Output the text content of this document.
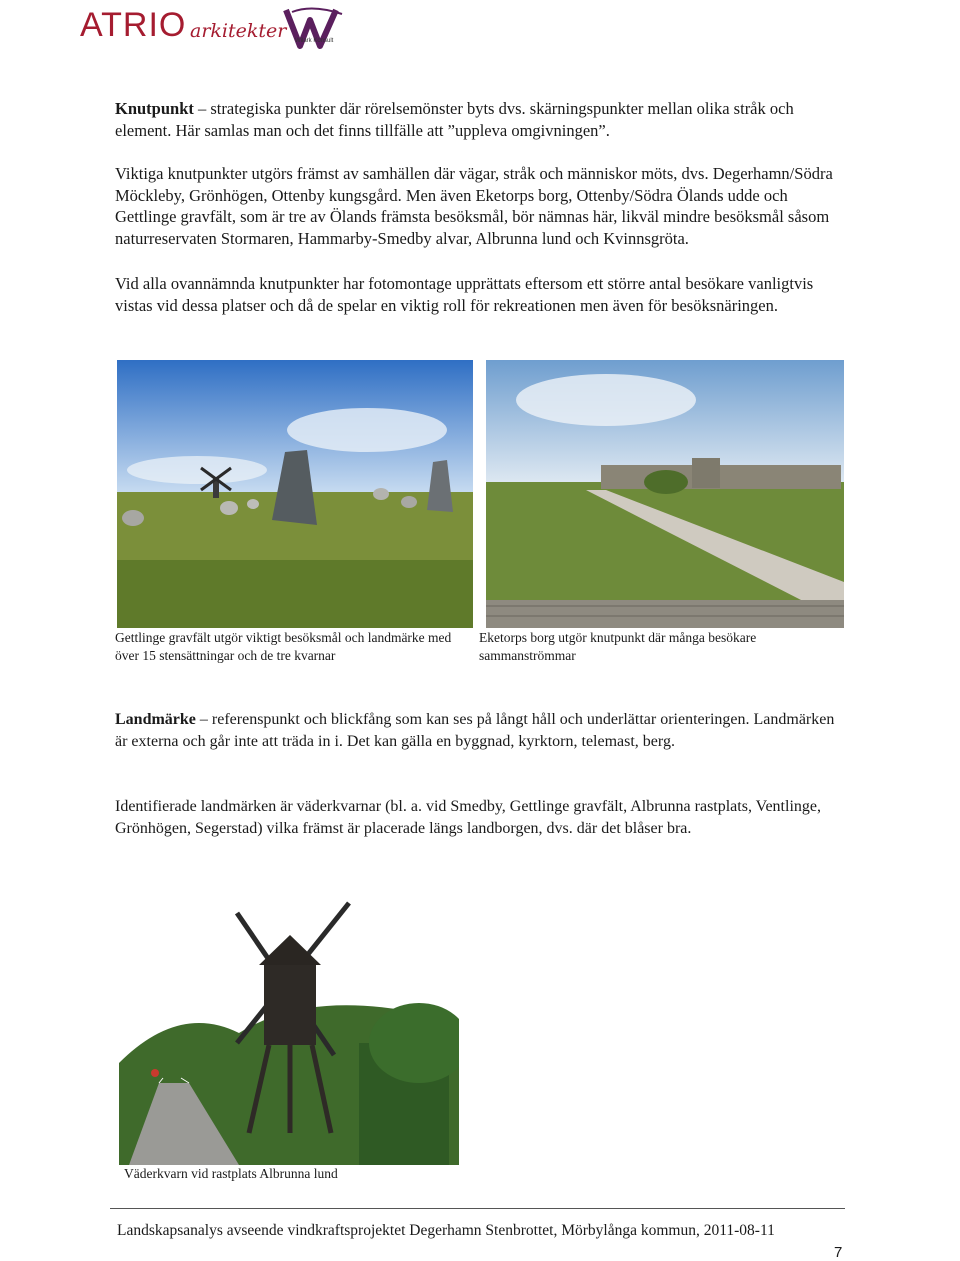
ATRIO arkitekter Wilark Konsult

Knutpunkt – strategiska punkter där rörelsemönster byts dvs. skärningspunkter mellan olika stråk och element. Här samlas man och det finns tillfälle att ”uppleva omgivningen”.

Viktiga knutpunkter utgörs främst av samhällen där vägar, stråk och människor möts, dvs. Degerhamn/Södra Möckleby, Grönhögen, Ottenby kungsgård. Men även Eketorps borg, Ottenby/Södra Ölands udde och Gettlinge gravfält, som är tre av Ölands främsta besöksmål, bör nämnas här, likväl mindre besöksmål såsom naturreservaten Stormaren, Hammarby-Smedby alvar, Albrunna lund och Kvinnsgröta.

Vid alla ovannämnda knutpunkter har fotomontage upprättats eftersom ett större antal besökare vanligtvis vistas vid dessa platser och då de spelar en viktig roll för rekreationen men även för besöksnäringen.

Gettlinge gravfält utgör viktigt besöksmål och landmärke med över 15 stensättningar och de tre kvarnar

Eketorps borg utgör knutpunkt där många besökare sammanströmmar

Landmärke – referenspunkt och blickfång som kan ses på långt håll och underlättar orienteringen. Landmärken är externa och går inte att träda in i. Det kan gälla en byggnad, kyrktorn, telemast, berg.

Identifierade landmärken är väderkvarnar (bl. a. vid Smedby, Gettlinge gravfält, Albrunna rastplats, Ventlinge, Grönhögen, Segerstad) vilka främst är placerade längs landborgen, dvs. där det blåser bra.

Väderkvarn vid rastplats Albrunna lund

Landskapsanalys avseende vindkraftsprojektet Degerhamn Stenbrottet, Mörbylånga kommun, 2011-08-11
7
